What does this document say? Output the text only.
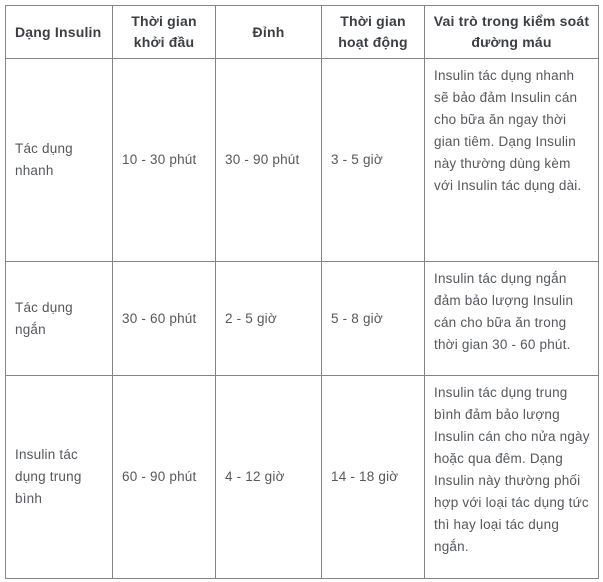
Dạng Insulin	Thời gian khởi đầu	Đỉnh	Thời gian hoạt động	Vai trò trong kiểm soát đường máu
Tác dụng nhanh	10 - 30 phút	30 - 90 phút	3 - 5 giờ	Insulin tác dụng nhanh sẽ bảo đảm Insulin cán cho bữa ăn ngay thời gian tiêm. Dạng Insulin này thường dùng kèm với Insulin tác dụng dài.
Tác dụng ngắn	30 - 60 phút	2 - 5 giờ	5 - 8 giờ	Insulin tác dụng ngắn đảm bảo lượng Insulin cán cho bữa ăn trong thời gian 30 - 60 phút.
Insulin tác dụng trung bình	60 - 90 phút	4 - 12 giờ	14 - 18 giờ	Insulin tác dụng trung bình đảm bảo lượng Insulin cán cho nửa ngày hoặc qua đêm. Dạng Insulin này thường phối hợp với loại tác dụng tức thì hay loại tác dụng ngắn.
